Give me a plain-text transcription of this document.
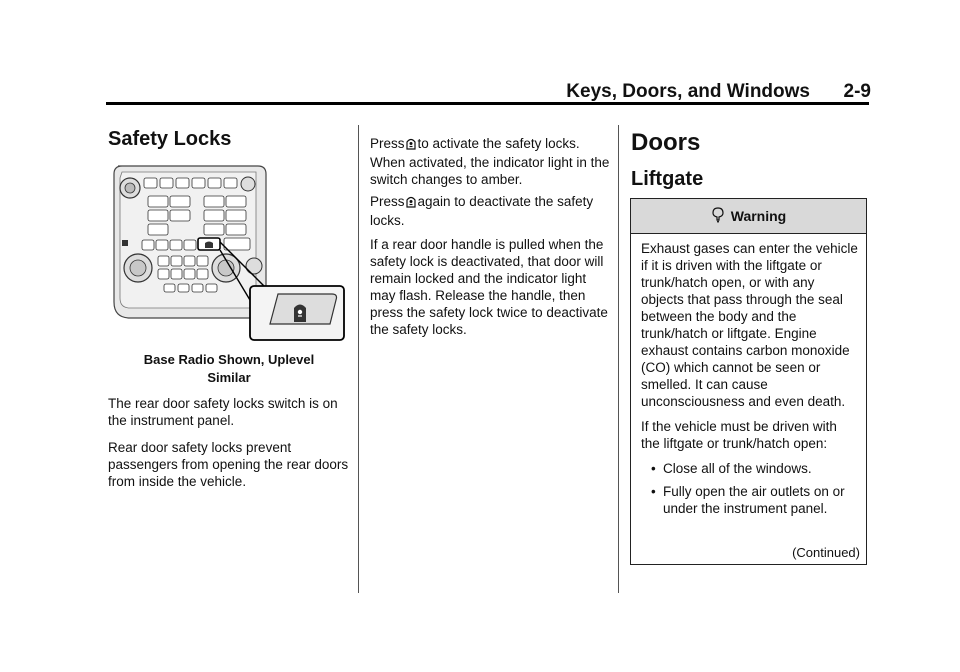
Keys, Doors, and Windows	2-9
Safety Locks
Base Radio Shown, Uplevel
Similar

The rear door safety locks switch is on the instrument panel.

Rear door safety locks prevent passengers from opening the rear doors from inside the vehicle.

Press to activate the safety locks. When activated, the indicator light in the switch changes to amber.

Press again to deactivate the safety locks.

If a rear door handle is pulled when the safety lock is deactivated, that door will remain locked and the indicator light may flash. Release the handle, then press the safety lock twice to deactivate the safety locks.

Doors
Liftgate
Warning

Exhaust gases can enter the vehicle if it is driven with the liftgate or trunk/hatch open, or with any objects that pass through the seal between the body and the trunk/hatch or liftgate. Engine exhaust contains carbon monoxide (CO) which cannot be seen or smelled. It can cause unconsciousness and even death.

If the vehicle must be driven with the liftgate or trunk/hatch open:

• Close all of the windows.
• Fully open the air outlets on or under the instrument panel.
(Continued)
